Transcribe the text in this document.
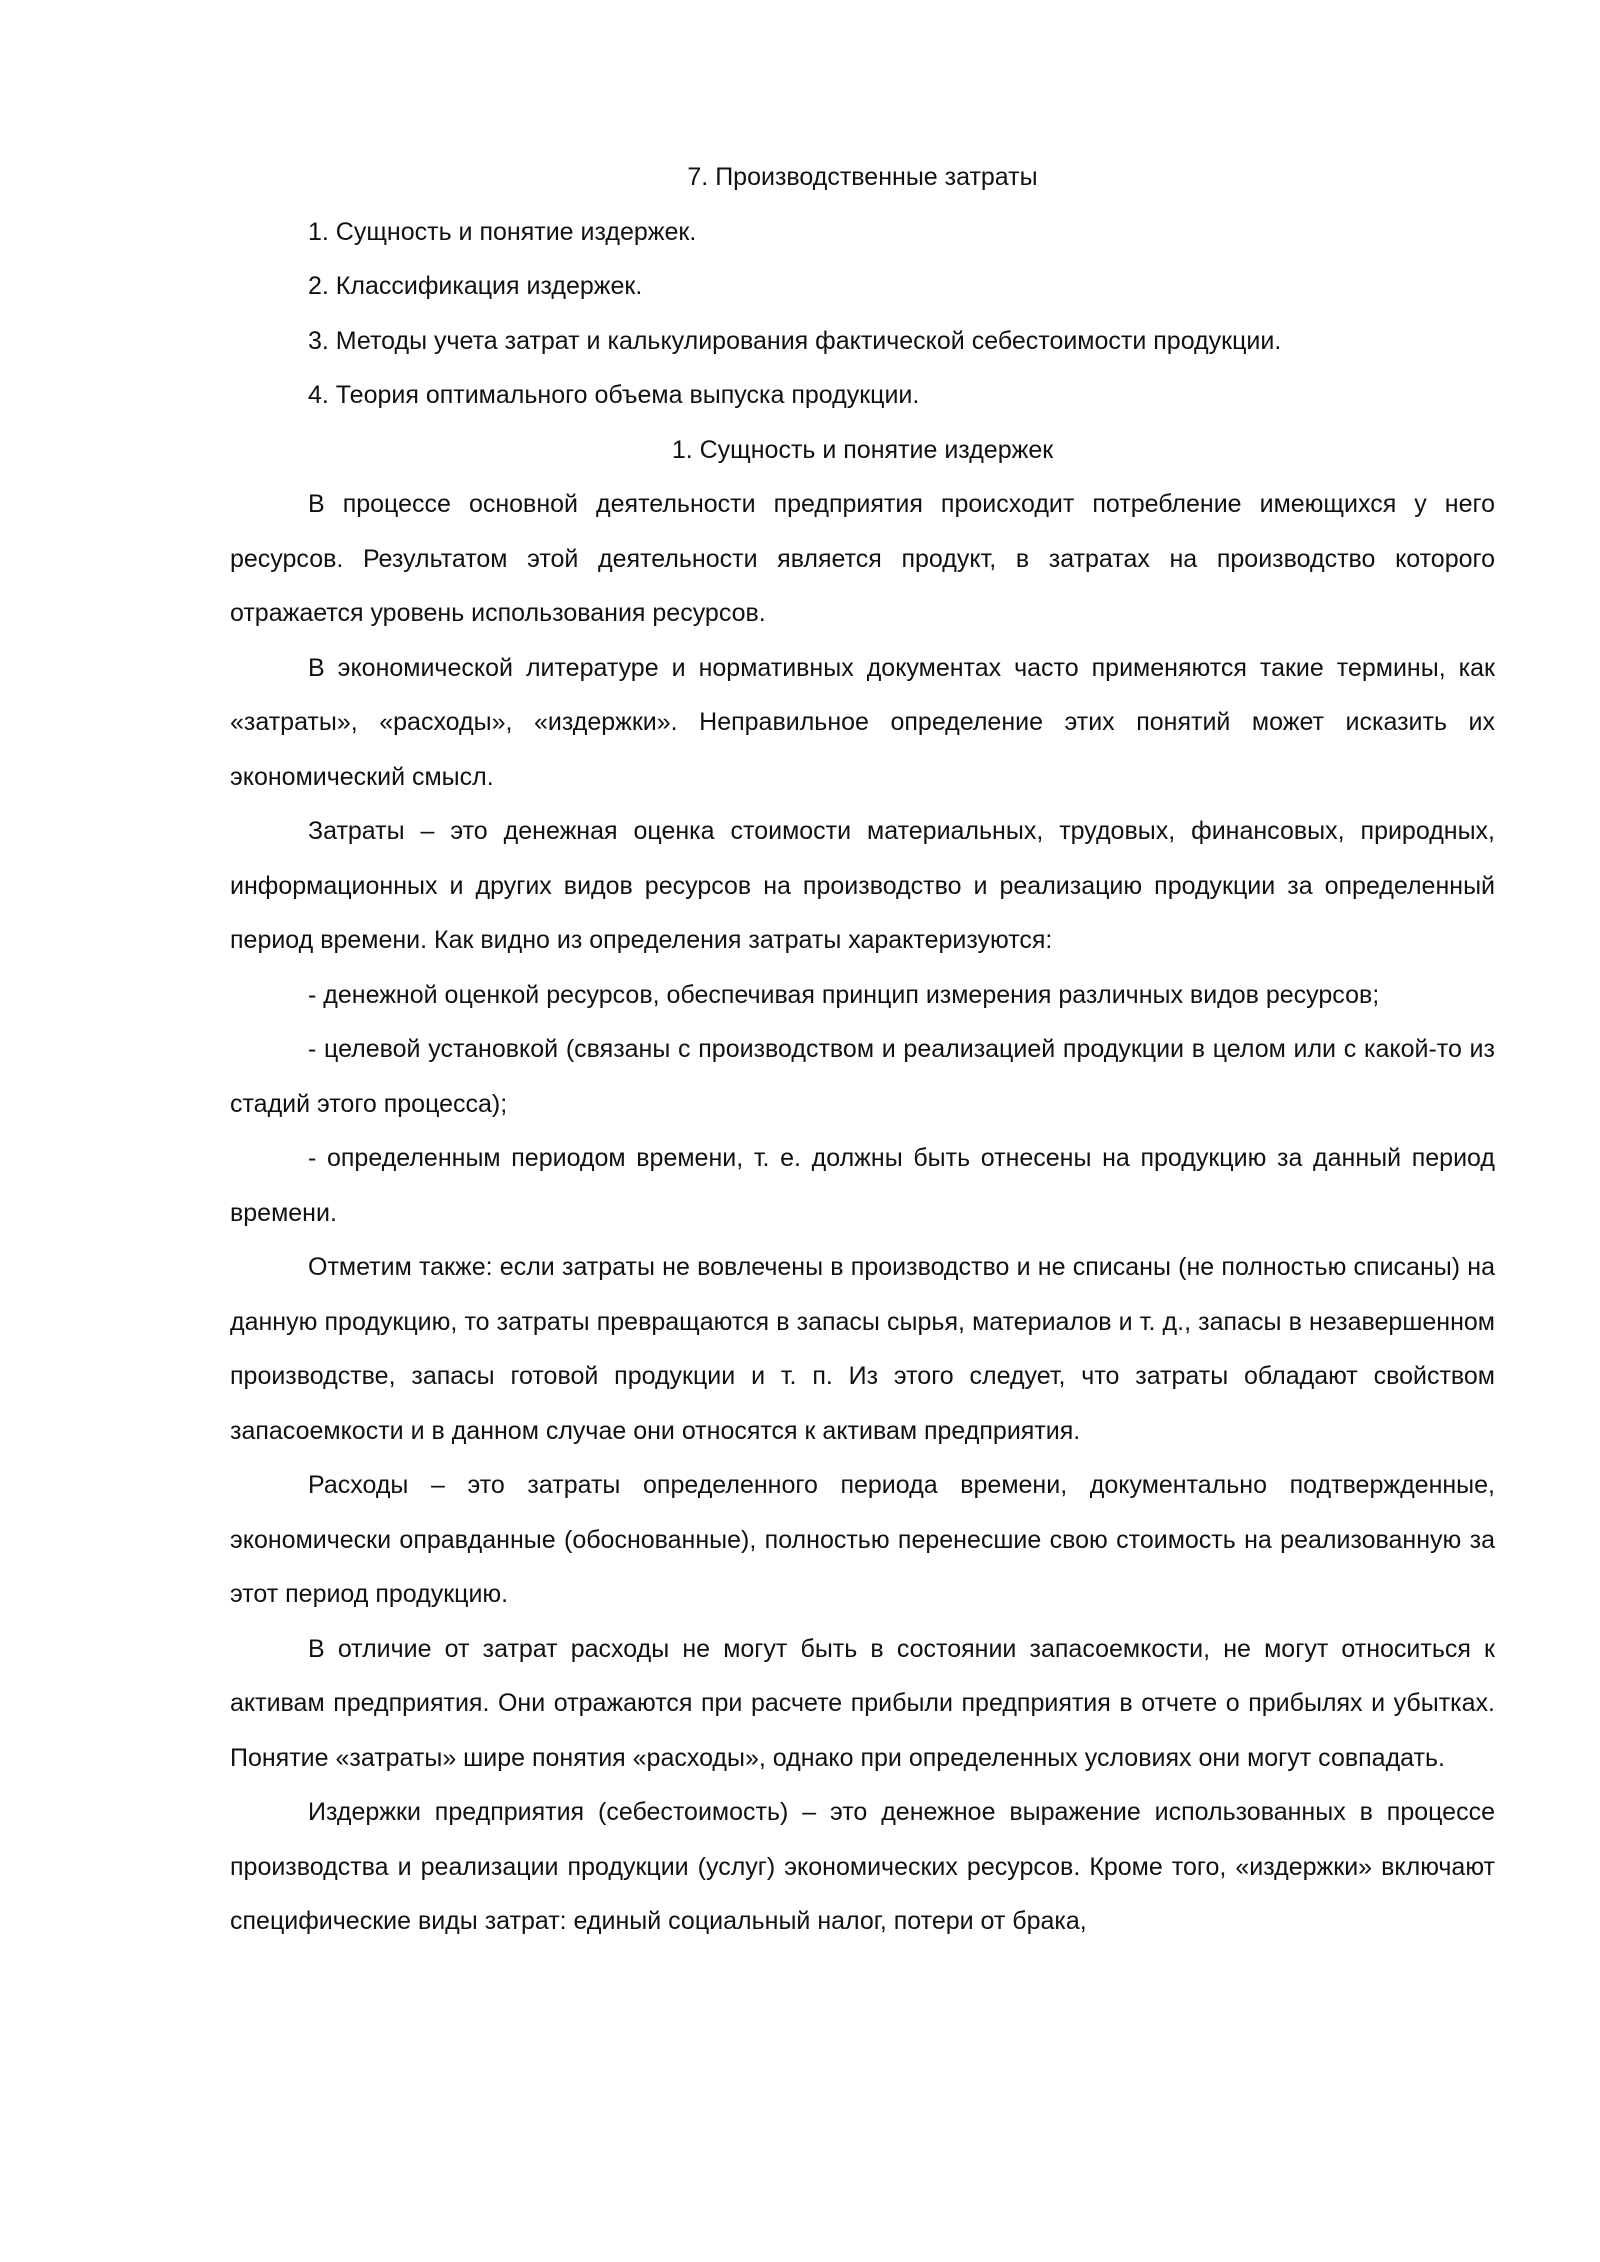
7. Производственные затраты

1. Сущность и понятие издержек.

2. Классификация издержек.

3. Методы учета затрат и калькулирования фактической себестоимости продукции.

4. Теория оптимального объема выпуска продукции.

1. Сущность и понятие издержек

В процессе основной деятельности предприятия происходит потребление имеющихся у него ресурсов. Результатом этой деятельности является продукт, в затратах на производство которого отражается уровень использования ресурсов.

В экономической литературе и нормативных документах часто применяются такие термины, как «затраты», «расходы», «издержки». Неправильное определение этих понятий может исказить их экономический смысл.

Затраты – это денежная оценка стоимости материальных, трудовых, финансовых, природных, информационных и других видов ресурсов на производство и реализацию продукции за определенный период времени. Как видно из определения затраты характеризуются:

- денежной оценкой ресурсов, обеспечивая принцип измерения различных видов ресурсов;

- целевой установкой (связаны с производством и реализацией продукции в целом или с какой-то из стадий этого процесса);

- определенным периодом времени, т. е. должны быть отнесены на продукцию за данный период времени.

Отметим также: если затраты не вовлечены в производство и не списаны (не полностью списаны) на данную продукцию, то затраты превращаются в запасы сырья, материалов и т. д., запасы в незавершенном производстве, запасы готовой продукции и т. п. Из этого следует, что затраты обладают свойством запасоемкости и в данном случае они относятся к активам предприятия.

Расходы – это затраты определенного периода времени, документально подтвержденные, экономически оправданные (обоснованные), полностью перенесшие свою стоимость на реализованную за этот период продукцию.

В отличие от затрат расходы не могут быть в состоянии запасоемкости, не могут относиться к активам предприятия. Они отражаются при расчете прибыли предприятия в отчете о прибылях и убытках. Понятие «затраты» шире понятия «расходы», однако при определенных условиях они могут совпадать.

Издержки предприятия (себестоимость) – это денежное выражение использованных в процессе производства и реализации продукции (услуг) экономических ресурсов. Кроме того, «издержки» включают специфические виды затрат: единый социальный налог, потери от брака,
